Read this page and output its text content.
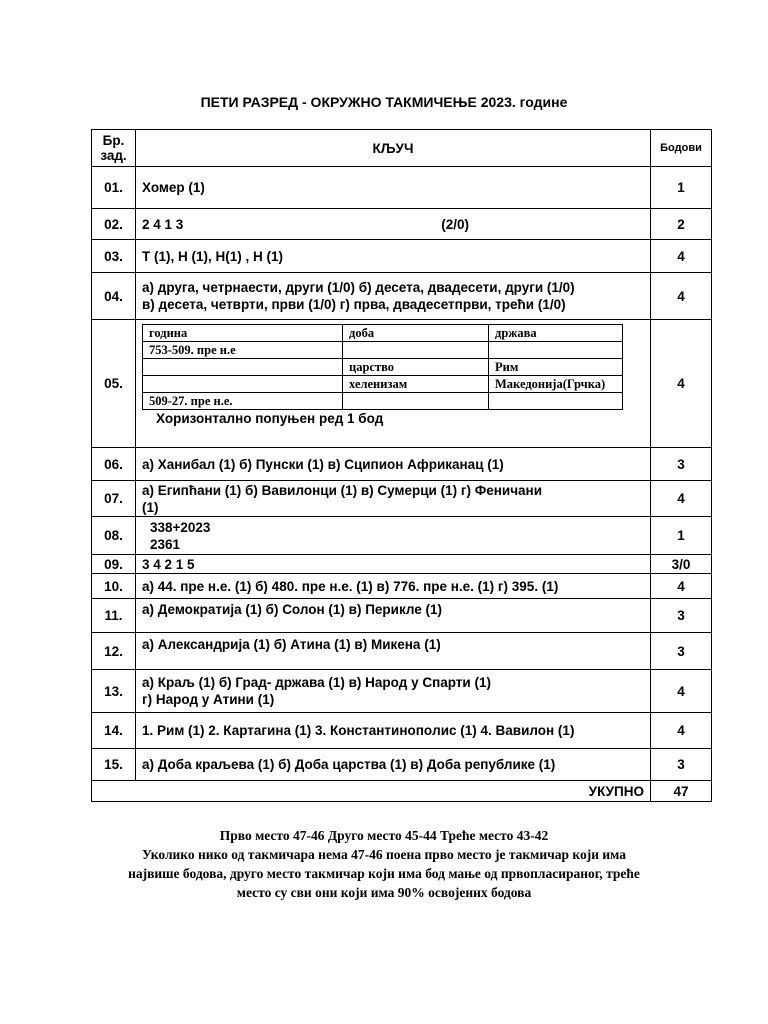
ПЕТИ РАЗРЕД - ОКРУЖНО ТАКМИЧЕЊЕ 2023. године
Бр. зад.	КЉУЧ	Бодови
01.	Хомер (1)	1
02.	2 4 1 3	(2/0)	2
03.	Т (1), Н (1), Н(1) , Н (1)	4
04.	
а) друга, четрнаести, други (1/0) б) десета, двадесети, други (1/0)
в) десета, четврти, први (1/0) г) прва, двадесетпрви, трећи (1/0)
	4
05.	
година	доба	држава
753-509. пре н.е		
	царство	Рим
	хеленизам	Македонија(Грчка)
509-27. пре н.е.		
Хоризонтално попуњен ред 1 бод
	4
06.	а) Ханибал (1) б) Пунски (1) в) Сципион Африканац (1)	3
07.	
а) Египћани (1) б) Вавилонци (1) в) Сумерци (1) г) Феничани
(1)
	4
08.	
338+2023
2361
	1
09.	3 4 2 1 5	3/0
10.	а) 44. пре н.е. (1) б) 480. пре н.е. (1) в) 776. пре н.е. (1) г) 395. (1)	4
11.	а) Демократија (1) б) Солон (1) в) Перикле (1)	3
12.	а) Александрија (1) б) Атина (1) в) Микена (1)	3
13.	
а) Краљ (1) б) Град- држава (1) в) Народ у Спарти (1)
г) Народ у Атини (1)
	4
14.	1. Рим (1) 2. Картагина (1) 3. Константинопoлис (1) 4. Вавилон (1)	4
15.	а) Доба краљева (1) б) Доба царства (1) в) Доба републике (1)	3
УКУПНО	47
Прво место 47-46 Друго место 45-44 Треће место 43-42
Уколико нико од такмичара нема 47-46 поена прво место је такмичар који има
највише бодова, друго место такмичар који има бод мање од првопласираног, треће
место су сви они који има 90% освојених бодова
